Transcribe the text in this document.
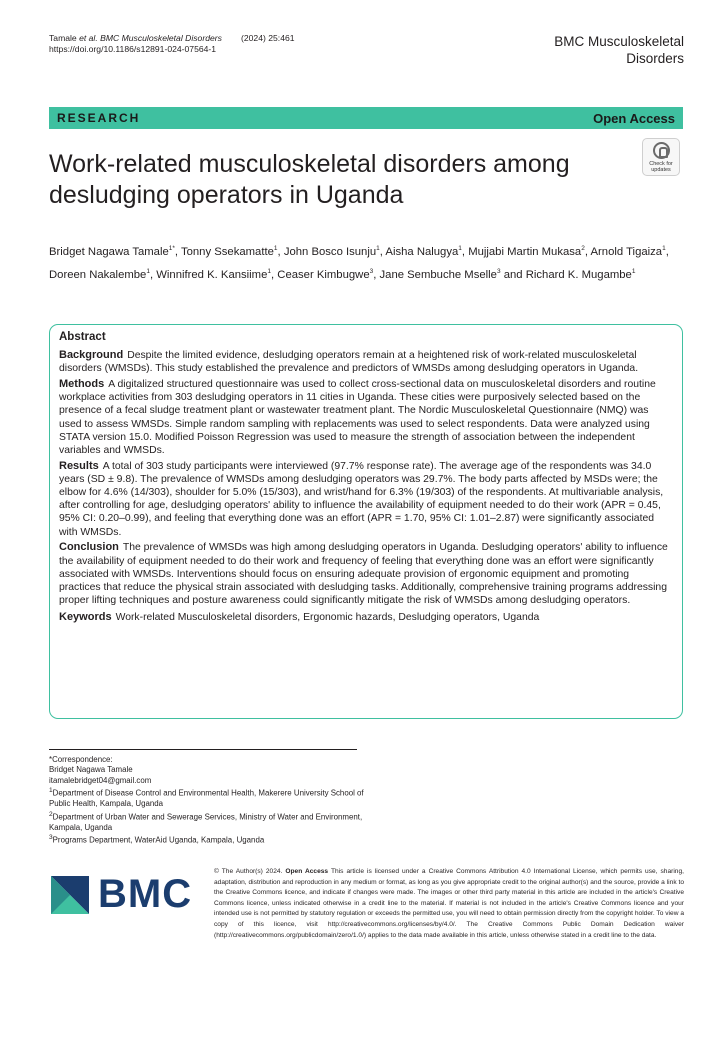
Tamale et al. BMC Musculoskeletal Disorders (2024) 25:461
https://doi.org/10.1186/s12891-024-07564-1	BMC Musculoskeletal
Disorders
RESEARCH	Open Access
Work-related musculoskeletal disorders among desludging operators in Uganda
Check for updates
Bridget Nagawa Tamale$^{1*}$, Tonny Ssekamatte$^1$, John Bosco Isunju$^1$, Aisha Nalugya$^1$, Mujjabi Martin Mukasa$^2$, Arnold Tigaiza$^1$, Doreen Nakalembe$^1$, Winnifred K. Kansiime$^1$, Ceaser Kimbugwe$^3$, Jane Sembuche Mselle$^3$ and Richard K. Mugambe$^1$
Abstract

Background Despite the limited evidence, desludging operators remain at a heightened risk of work-related musculoskeletal disorders (WMSDs). This study established the prevalence and predictors of WMSDs among desludging operators in Uganda.

Methods A digitalized structured questionnaire was used to collect cross-sectional data on musculoskeletal disorders and routine workplace activities from 303 desludging operators in 11 cities in Uganda. These cities were purposively selected based on the presence of a fecal sludge treatment plant or wastewater treatment plant. The Nordic Musculoskeletal Questionnaire (NMQ) was used to assess WMSDs. Simple random sampling with replacements was used to select respondents. Data were analyzed using STATA version 15.0. Modified Poisson Regression was used to measure the strength of association between the independent variables and WMSDs.

Results A total of 303 study participants were interviewed (97.7% response rate). The average age of the respondents was 34.0 years (SD ± 9.8). The prevalence of WMSDs among desludging operators was 29.7%. The body parts affected by MSDs were; the elbow for 4.6% (14/303), shoulder for 5.0% (15/303), and wrist/hand for 6.3% (19/303) of the respondents. At multivariable analysis, after controlling for age, desludging operators' ability to influence the availability of equipment needed to do their work (APR = 0.45, 95% CI: 0.20–0.99), and feeling that everything done was an effort (APR = 1.70, 95% CI: 1.01–2.87) were significantly associated with WMSDs.

Conclusion The prevalence of WMSDs was high among desludging operators in Uganda. Desludging operators' ability to influence the availability of equipment needed to do their work and frequency of feeling that everything done was an effort were significantly associated with WMSDs. Interventions should focus on ensuring adequate provision of ergonomic equipment and promoting practices that reduce the physical strain associated with desludging tasks. Additionally, comprehensive training programs addressing proper lifting techniques and posture awareness could significantly mitigate the risk of WMSDs among desludging operators.

Keywords Work-related Musculoskeletal disorders, Ergonomic hazards, Desludging operators, Uganda

*Correspondence:
Bridget Nagawa Tamale
itamalebridget04@gmail.com
$^1$Department of Disease Control and Environmental Health, Makerere University School of Public Health, Kampala, Uganda
$^2$Department of Urban Water and Sewerage Services, Ministry of Water and Environment, Kampala, Uganda
$^3$Programs Department, WaterAid Uganda, Kampala, Uganda
BMC
© The Author(s) 2024. Open Access This article is licensed under a Creative Commons Attribution 4.0 International License, which permits use, sharing, adaptation, distribution and reproduction in any medium or format, as long as you give appropriate credit to the original author(s) and the source, provide a link to the Creative Commons licence, and indicate if changes were made. The images or other third party material in this article are included in the article's Creative Commons licence, unless indicated otherwise in a credit line to the material. If material is not included in the article's Creative Commons licence and your intended use is not permitted by statutory regulation or exceeds the permitted use, you will need to obtain permission directly from the copyright holder. To view a copy of this licence, visit http://creativecommons.org/licenses/by/4.0/. The Creative Commons Public Domain Dedication waiver (http://creativecommons.org/publicdomain/zero/1.0/) applies to the data made available in this article, unless otherwise stated in a credit line to the data.
